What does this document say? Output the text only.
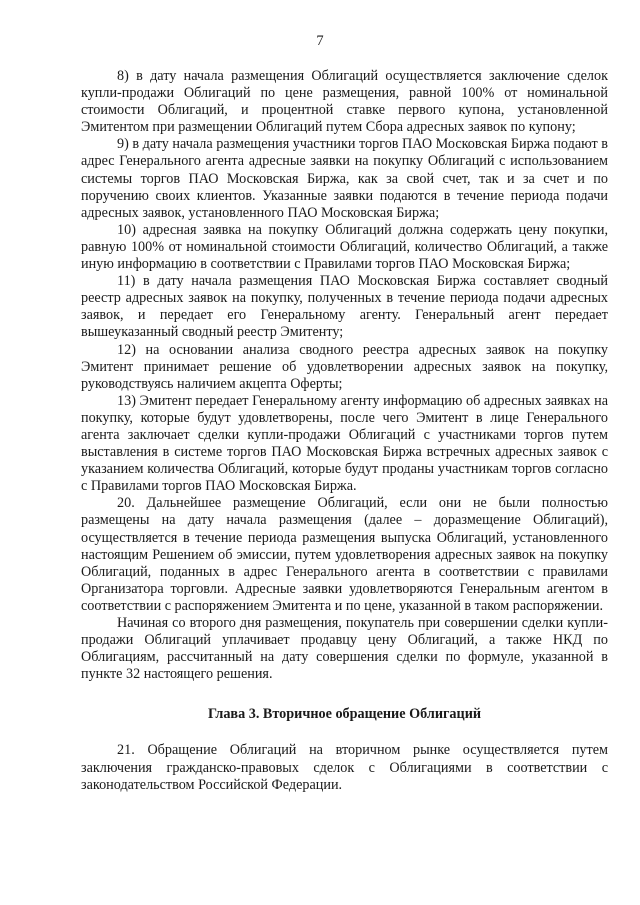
7

8) в дату начала размещения Облигаций осуществляется заключение сделок купли-продажи Облигаций по цене размещения, равной 100% от номинальной стоимости Облигаций, и процентной ставке первого купона, установленной Эмитентом при размещении Облигаций путем Сбора адресных заявок по купону;

9) в дату начала размещения участники торгов ПАО Московская Биржа подают в адрес Генерального агента адресные заявки на покупку Облигаций с использованием системы торгов ПАО Московская Биржа, как за свой счет, так и за счет и по поручению своих клиентов. Указанные заявки подаются в течение периода подачи адресных заявок, установленного ПАО Московская Биржа;

10) адресная заявка на покупку Облигаций должна содержать цену покупки, равную 100% от номинальной стоимости Облигаций, количество Облигаций, а также иную информацию в соответствии с Правилами торгов ПАО Московская Биржа;

11) в дату начала размещения ПАО Московская Биржа составляет сводный реестр адресных заявок на покупку, полученных в течение периода подачи адресных заявок, и передает его Генеральному агенту. Генеральный агент передает вышеуказанный сводный реестр Эмитенту;

12) на основании анализа сводного реестра адресных заявок на покупку Эмитент принимает решение об удовлетворении адресных заявок на покупку, руководствуясь наличием акцепта Оферты;

13) Эмитент передает Генеральному агенту информацию об адресных заявках на покупку, которые будут удовлетворены, после чего Эмитент в лице Генерального агента заключает сделки купли-продажи Облигаций с участниками торгов путем выставления в системе торгов ПАО Московская Биржа встречных адресных заявок с указанием количества Облигаций, которые будут проданы участникам торгов согласно с Правилами торгов ПАО Московская Биржа.

20. Дальнейшее размещение Облигаций, если они не были полностью размещены на дату начала размещения (далее – доразмещение Облигаций), осуществляется в течение периода размещения выпуска Облигаций, установленного настоящим Решением об эмиссии, путем удовлетворения адресных заявок на покупку Облигаций, поданных в адрес Генерального агента в соответствии с правилами Организатора торговли. Адресные заявки удовлетворяются Генеральным агентом в соответствии с распоряжением Эмитента и по цене, указанной в таком распоряжении.

Начиная со второго дня размещения, покупатель при совершении сделки купли-продажи Облигаций уплачивает продавцу цену Облигаций, а также НКД по Облигациям, рассчитанный на дату совершения сделки по формуле, указанной в пункте 32 настоящего решения.

Глава 3. Вторичное обращение Облигаций

21. Обращение Облигаций на вторичном рынке осуществляется путем заключения гражданско-правовых сделок с Облигациями в соответствии с законодательством Российской Федерации.
